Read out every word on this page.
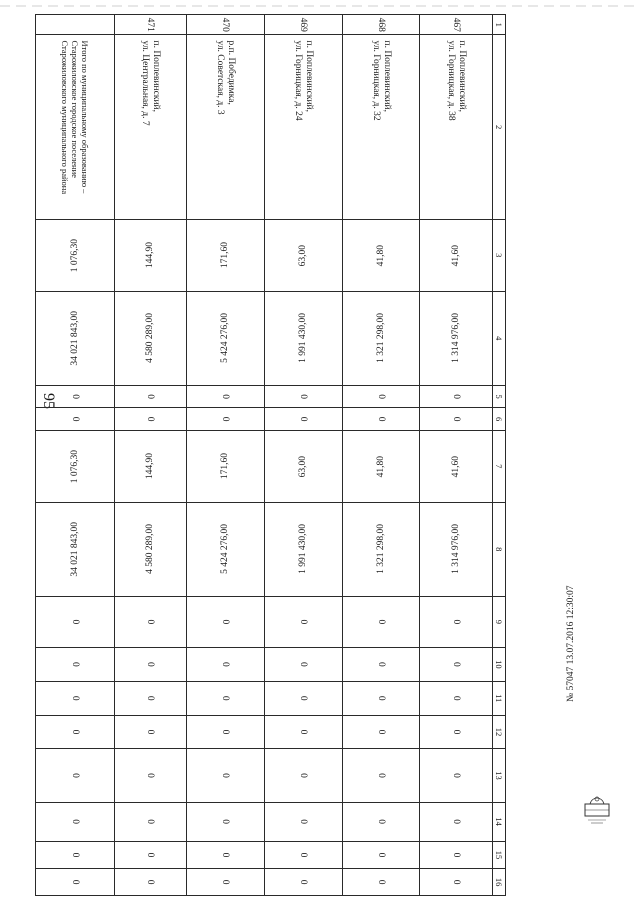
95
1	2	3	4	5	6	7	8	9	10	11	12	13	14	15	16
467	п. Поплевинский,
ул. Горницкая, д. 38	41,60	1 314 976,00	0	0	41,60	1 314 976,00	0	0	0	0	0	0	0	0
468	п. Поплевинский,
ул. Горницкая, д. 32	41,80	1 321 298,00	0	0	41,80	1 321 298,00	0	0	0	0	0	0	0	0
469	п. Поплевинский,
ул. Горницкая, д. 24	63,00	1 991 430,00	0	0	63,00	1 991 430,00	0	0	0	0	0	0	0	0
470	р.п. Победимка,
ул. Советская, д. 3	171,60	5 424 276,00	0	0	171,60	5 424 276,00	0	0	0	0	0	0	0	0
471	п. Поплевинский,
ул. Центральная, д. 7	144,90	4 580 289,00	0	0	144,90	4 580 289,00	0	0	0	0	0	0	0	0
	Итого по муниципальному образованию – Старожиловское городское поселение Старожиловского муниципального района	1 076,30	34 021 843,00	0	0	1 076,30	34 021 843,00	0	0	0	0	0	0	0	0
№ 57047 13.07.2016 12:30:07
